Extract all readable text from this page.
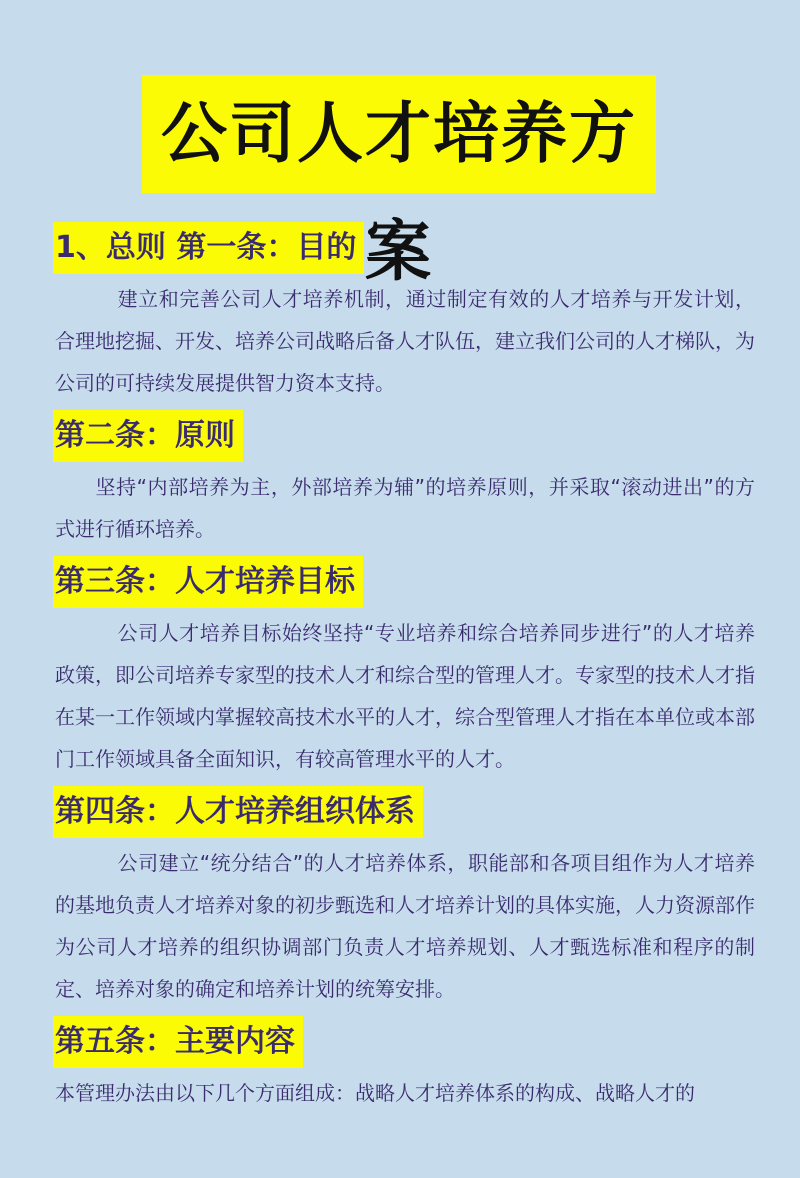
公司人才培养方案
1、总则 第一条：目的

建立和完善公司人才培养机制，通过制定有效的人才培养与开发计划，合理地挖掘、开发、培养公司战略后备人才队伍，建立我们公司的人才梯队，为公司的可持续发展提供智力资本支持。

第二条：原则

坚持“内部培养为主，外部培养为辅”的培养原则，并采取“滚动进出”的方式进行循环培养。

第三条：人才培养目标

公司人才培养目标始终坚持“专业培养和综合培养同步进行”的人才培养政策，即公司培养专家型的技术人才和综合型的管理人才。专家型的技术人才指在某一工作领域内掌握较高技术水平的人才，综合型管理人才指在本单位或本部门工作领域具备全面知识，有较高管理水平的人才。

第四条：人才培养组织体系

公司建立“统分结合”的人才培养体系，职能部和各项目组作为人才培养的基地负责人才培养对象的初步甄选和人才培养计划的具体实施，人力资源部作为公司人才培养的组织协调部门负责人才培养规划、人才甄选标准和程序的制定、培养对象的确定和培养计划的统筹安排。

第五条：主要内容

本管理办法由以下几个方面组成：战略人才培养体系的构成、战略人才的
